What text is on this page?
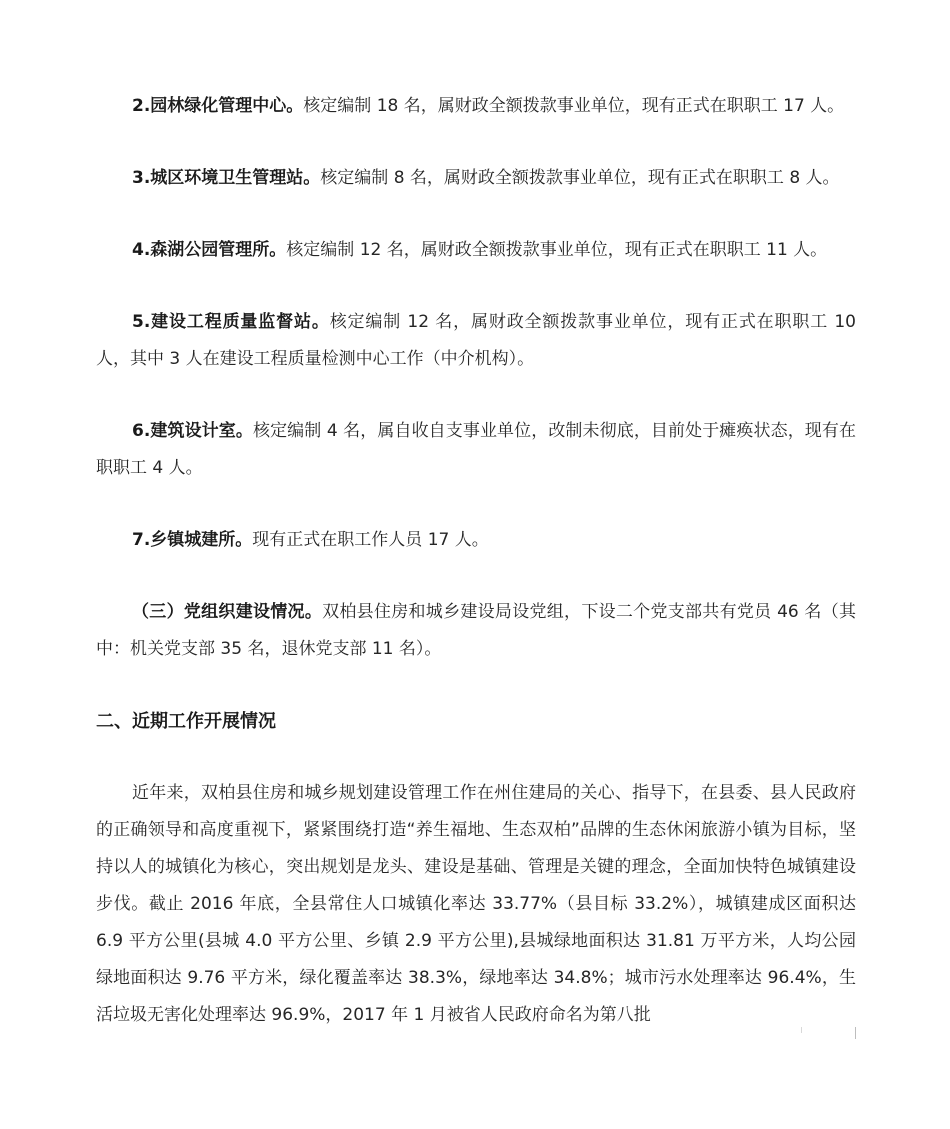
2.园林绿化管理中心。核定编制 18 名，属财政全额拨款事业单位，现有正式在职职工 17 人。

3.城区环境卫生管理站。核定编制 8 名，属财政全额拨款事业单位，现有正式在职职工 8 人。

4.森湖公园管理所。核定编制 12 名，属财政全额拨款事业单位，现有正式在职职工 11 人。

5.建设工程质量监督站。核定编制 12 名，属财政全额拨款事业单位，现有正式在职职工 10 人，其中 3 人在建设工程质量检测中心工作（中介机构）。

6.建筑设计室。核定编制 4 名，属自收自支事业单位，改制未彻底，目前处于瘫痪状态，现有在职职工 4 人。

7.乡镇城建所。现有正式在职工作人员 17 人。

（三）党组织建设情况。双柏县住房和城乡建设局设党组，下设二个党支部共有党员 46 名（其中：机关党支部 35 名，退休党支部 11 名）。

二、近期工作开展情况

近年来，双柏县住房和城乡规划建设管理工作在州住建局的关心、指导下，在县委、县人民政府的正确领导和高度重视下，紧紧围绕打造“养生福地、生态双柏”品牌的生态休闲旅游小镇为目标，坚持以人的城镇化为核心，突出规划是龙头、建设是基础、管理是关键的理念，全面加快特色城镇建设步伐。截止 2016 年底，全县常住人口城镇化率达 33.77%（县目标 33.2%），城镇建成区面积达 6.9 平方公里(县城 4.0 平方公里、乡镇 2.9 平方公里),县城绿地面积达 31.81 万平方米，人均公园绿地面积达 9.76 平方米，绿化覆盖率达 38.3%，绿地率达 34.8%；城市污水处理率达 96.4%，生活垃圾无害化处理率达 96.9%，2017 年 1 月被省人民政府命名为第八批
